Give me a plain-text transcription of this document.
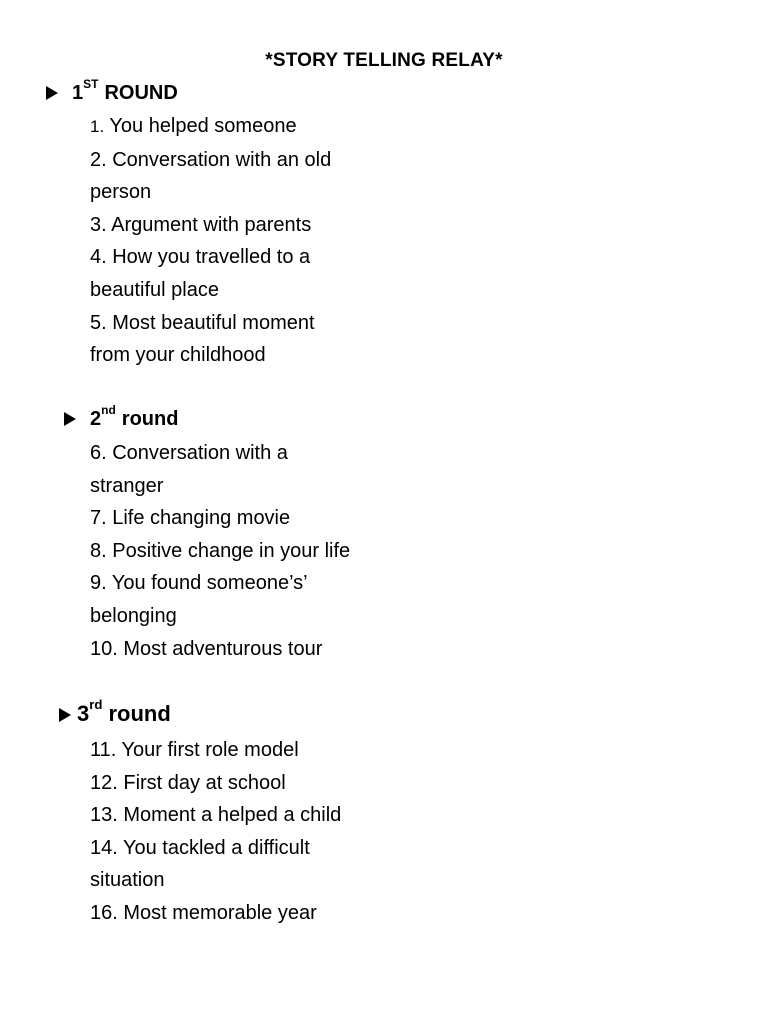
*STORY TELLING RELAY*
1ST ROUND
1. You helped someone
2. Conversation with an old
person
3. Argument with parents
4. How you travelled to a
beautiful place
5. Most beautiful moment
from your childhood
2nd round
6. Conversation with a
stranger
7. Life changing movie
8. Positive change in your life
9. You found someone’s’
belonging
10. Most adventurous tour
3rd round
11. Your first role model
12. First day at school
13. Moment a helped a child
14. You tackled a difficult
situation
16. Most memorable year
